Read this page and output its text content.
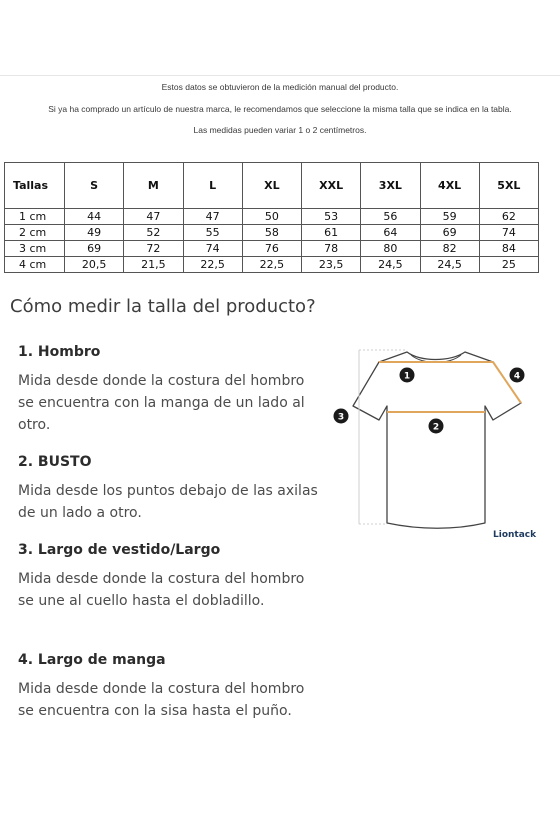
Estos datos se obtuvieron de la medición manual del producto.
Si ya ha comprado un artículo de nuestra marca, le recomendamos que seleccione la misma talla que se indica en la tabla.
Las medidas pueden variar 1 o 2 centímetros.
Tallas	S	M	L	XL	XXL	3XL	4XL	5XL
1 cm	44	47	47	50	53	56	59	62
2 cm	49	52	55	58	61	64	69	74
3 cm	69	72	74	76	78	80	82	84
4 cm	20,5	21,5	22,5	22,5	23,5	24,5	24,5	25
Cómo medir la talla del producto?
1. Hombro
Mida desde donde la costura del hombro se encuentra con la manga de un lado al otro.
2. BUSTO
Mida desde los puntos debajo de las axilas de un lado a otro.
3. Largo de vestido/Largo
Mida desde donde la costura del hombro se une al cuello hasta el dobladillo.
4. Largo de manga
Mida desde donde la costura del hombro se encuentra con la sisa hasta el puño.
1
2
3
4
Liontack
